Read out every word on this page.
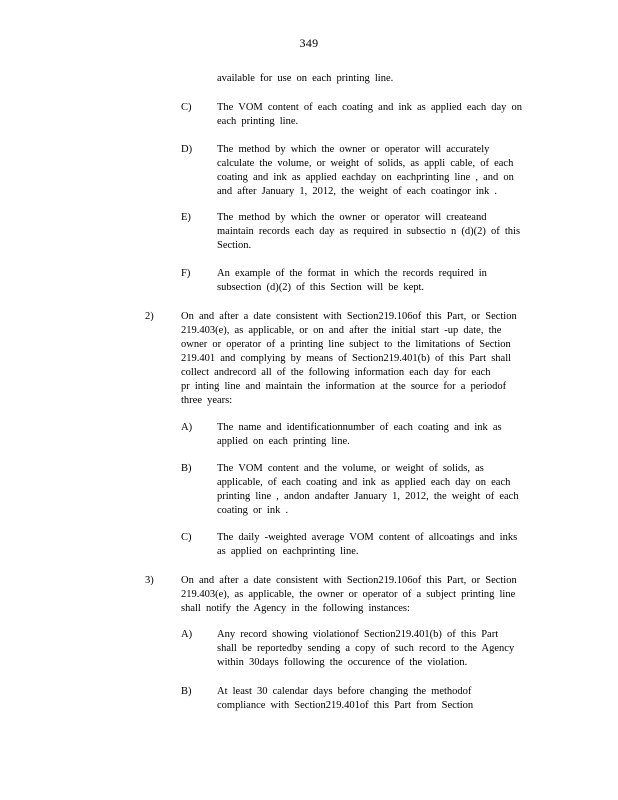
349
available for use on each printing line.
C) The VOM content of each coating and ink as applied each day on
each printing line.
D) The method by which the owner or operator will accurately
calculate the volume, or weight of solids, as appli cable, of each
coating and ink as applied eachday on eachprinting line , and on
and after January 1, 2012, the weight of each coatingor ink .
E) The method by which the owner or operator will createand
maintain records each day as required in subsectio n (d)(2) of this
Section.
F)	An example of the format in which the records required in
subsection (d)(2) of this Section will be kept.
2)	On and after a date consistent with Section219.106of this Part, or Section
219.403(e), as applicable, or on and after the initial start -up date, the
owner or operator of a printing line subject to the limitations of Section
219.401 and complying by means of Section219.401(b) of this Part shall
collect andrecord all of the following information each day for each
pr inting line and maintain the information at the source for a periodof
three years:
A) The name and identificationnumber of each coating and ink as
applied on each printing line.
B) The VOM content and the volume, or weight of solids, as
applicable, of each coating and ink as applied each day on each
printing line , andon andafter January 1, 2012, the weight of each
coating or ink .
C) The daily -weighted average VOM content of allcoatings and inks
as applied on eachprinting line.
3)	On and after a date consistent with Section219.106of this Part, or Section
219.403(e), as applicable, the owner or operator of a subject printing line
shall notify the Agency in the following instances:
A) Any record showing violationof Section219.401(b) of this Part
shall be reportedby sending a copy of such record to the Agency
within 30days following the occurence of the violation.
B) At least 30 calendar days before changing the methodof
compliance with Section219.401of this Part from Section
